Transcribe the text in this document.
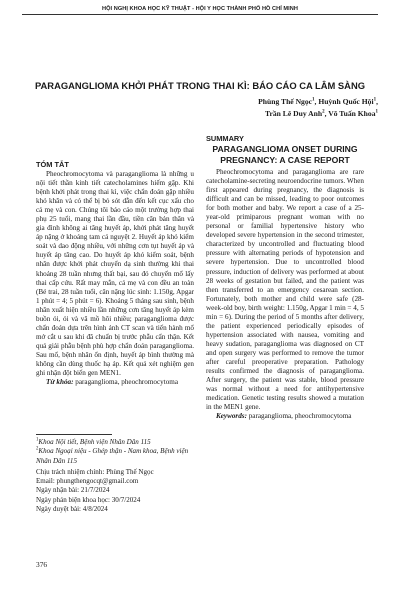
HỘI NGHỊ KHOA HỌC KỸ THUẬT - HỘI Y HỌC THÀNH PHỐ HỒ CHÍ MINH
PARAGANGLIOMA KHỞI PHÁT TRONG THAI KÌ: BÁO CÁO CA LÂM SÀNG
Phùng Thế Ngọc$^1$, Huỳnh Quốc Hội$^1$,
Trần Lê Duy Anh$^2$, Võ Tuấn Khoa$^1$
TÓM TẮT

Pheochromocytoma và paraganglioma là những u nội tiết thần kinh tiết catecholamines hiếm gặp. Khi bệnh khởi phát trong thai kì, việc chẩn đoán gặp nhiều khó khăn và có thể bị bỏ sót dẫn đến kết cục xấu cho cả mẹ và con. Chúng tôi báo cáo một trường hợp thai phụ 25 tuổi, mang thai lần đầu, tiền căn bản thân và gia đình không ai tăng huyết áp, khởi phát tăng huyết áp nặng ở khoảng tam cá nguyệt 2. Huyết áp khó kiểm soát và dao động nhiều, với những cơn tụt huyết áp và huyết áp tăng cao. Do huyết áp khó kiểm soát, bệnh nhân được khởi phát chuyển dạ sinh thường khi thai khoảng 28 tuần nhưng thất bại, sau đó chuyển mổ lấy thai cấp cứu. Rất may mắn, cả mẹ và con đều an toàn (Bé trai, 28 tuần tuổi, cân nặng lúc sinh: 1.150g, Apgar 1 phút = 4; 5 phút = 6). Khoảng 5 tháng sau sinh, bệnh nhân xuất hiện nhiều lần những cơn tăng huyết áp kèm buồn ói, ói và vã mồ hôi nhiều; paraganglioma được chẩn đoán dựa trên hình ảnh CT scan và tiến hành mổ mở cắt u sau khi đã chuẩn bị trước phẫu cẩn thận. Kết quả giải phẫu bệnh phù hợp chẩn đoán paraganglioma. Sau mổ, bệnh nhân ổn định, huyết áp bình thường mà không cần dùng thuốc hạ áp. Kết quả xét nghiệm gen ghi nhận đột biến gen MEN1.

Từ khóa: paraganglioma, pheochromocytoma

SUMMARY
PARAGANGLIOMA ONSET DURING PREGNANCY: A CASE REPORT

Pheochromocytoma and paraganglioma are rare catecholamine-secreting neuroendocrine tumors. When first appeared during pregnancy, the diagnosis is difficult and can be missed, leading to poor outcomes for both mother and baby. We report a case of a 25-year-old primiparous pregnant woman with no personal or familial hypertensive history who developed severe hypertension in the second trimester, characterized by uncontrolled and fluctuating blood pressure with alternating periods of hypotension and severe hypertension. Due to uncontrolled blood pressure, induction of delivery was performed at about 28 weeks of gestation but failed, and the patient was then transferred to an emergency cesarean section. Fortunately, both mother and child were safe (28-week-old boy, birth weight: 1.150g, Apgar 1 min = 4, 5 min = 6). During the period of 5 months after delivery, the patient experienced periodically episodes of hypertension associated with nausea, vomiting and heavy sudation, paraganglioma was diagnosed on CT and open surgery was performed to remove the tumor after careful preoperative preparation. Pathology results confirmed the diagnosis of paraganglioma. After surgery, the patient was stable, blood pressure was normal without a need for antihypertensive medication. Genetic testing results showed a mutation in the MEN1 gene.

Keywords: paraganglioma, pheochromocytoma

$^1$Khoa Nội tiết, Bệnh viện Nhân Dân 115
$^2$Khoa Ngoại niệu - Ghép thận - Nam khoa, Bệnh viện Nhân Dân 115
Chịu trách nhiệm chính: Phùng Thế Ngọc
Email: phungthengocqt@gmail.com
Ngày nhận bài: 21/7/2024
Ngày phản biện khoa học: 30/7/2024
Ngày duyệt bài: 4/8/2024
376
